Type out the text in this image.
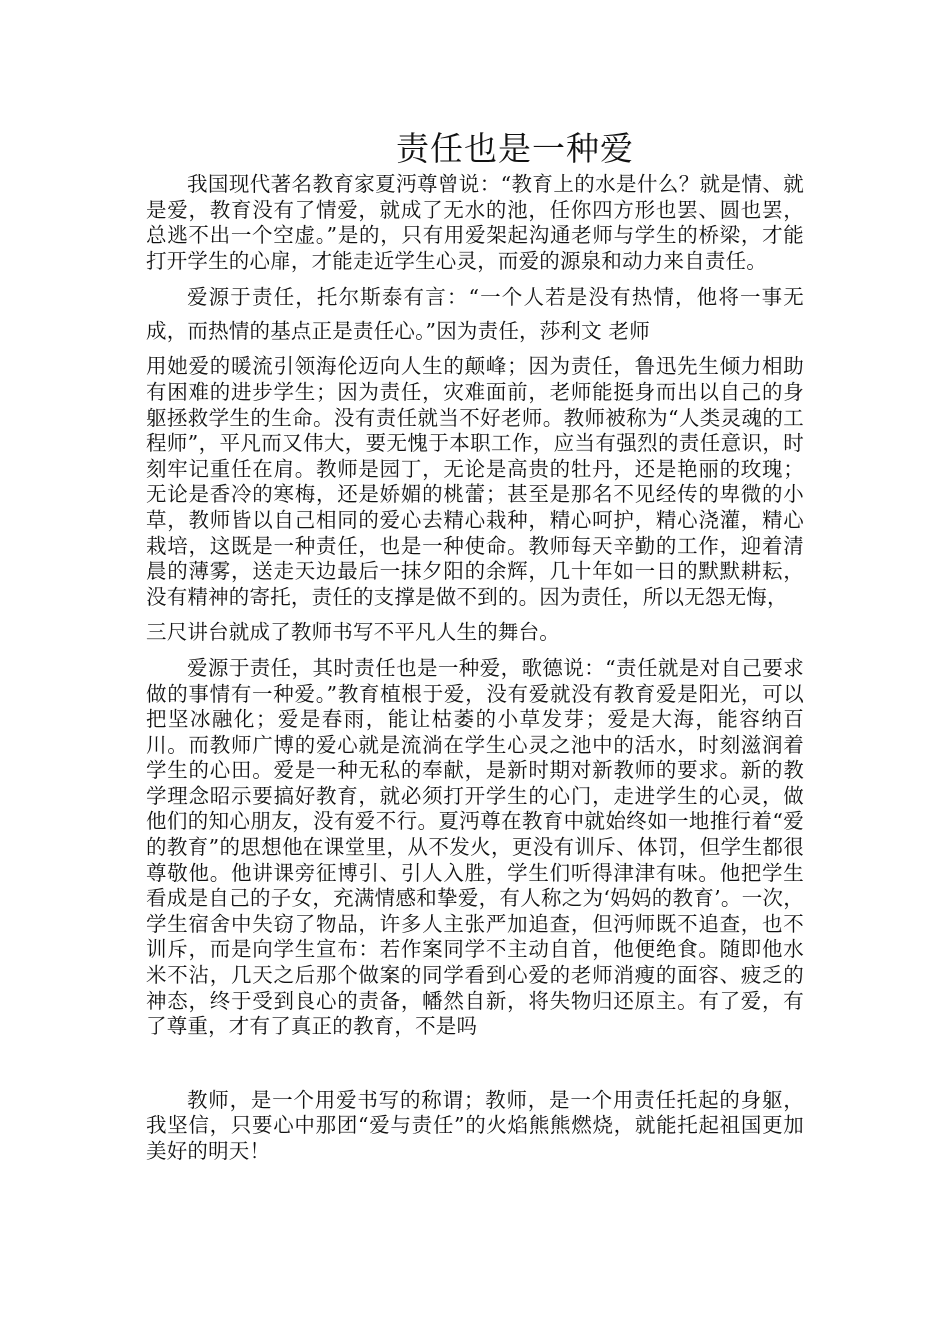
责任也是一种爱

我国现代著名教育家夏沔尊曾说：“教育上的水是什么？就是情、就是爱，教育没有了情爱，就成了无水的池，任你四方形也罢、圆也罢，总逃不出一个空虚。”是的，只有用爱架起沟通老师与学生的桥梁，才能打开学生的心扉，才能走近学生心灵，而爱的源泉和动力来自责任。

爱源于责任，托尔斯泰有言：“一个人若是没有热情，他将一事无成，而热情的基点正是责任心。”因为责任，莎利文 老师

用她爱的暖流引领海伦迈向人生的颠峰；因为责任，鲁迅先生倾力相助有困难的进步学生；因为责任，灾难面前，老师能挺身而出以自己的身躯拯救学生的生命。没有责任就当不好老师。教师被称为“人类灵魂的工程师”，平凡而又伟大，要无愧于本职工作，应当有强烈的责任意识，时刻牢记重任在肩。教师是园丁，无论是高贵的牡丹，还是艳丽的玫瑰；无论是香冷的寒梅，还是娇媚的桃蕾；甚至是那名不见经传的卑微的小草，教师皆以自己相同的爱心去精心栽种，精心呵护，精心浇灌，精心栽培，这既是一种责任，也是一种使命。教师每天辛勤的工作，迎着清晨的薄雾，送走天边最后一抹夕阳的余辉，几十年如一日的默默耕耘，没有精神的寄托，责任的支撑是做不到的。因为责任，所以无怨无悔，

三尺讲台就成了教师书写不平凡人生的舞台。

爱源于责任，其时责任也是一种爱，歌德说：“责任就是对自己要求做的事情有一种爱。”教育植根于爱，没有爱就没有教育爱是阳光，可以把坚冰融化；爱是春雨，能让枯萎的小草发芽；爱是大海，能容纳百川。而教师广博的爱心就是流淌在学生心灵之池中的活水，时刻滋润着学生的心田。爱是一种无私的奉献，是新时期对新教师的要求。新的教学理念昭示要搞好教育，就必须打开学生的心门，走进学生的心灵，做他们的知心朋友，没有爱不行。夏沔尊在教育中就始终如一地推行着“爱的教育”的思想他在课堂里，从不发火，更没有训斥、体罚，但学生都很尊敬他。他讲课旁征博引、引人入胜，学生们听得津津有味。他把学生看成是自己的子女，充满情感和挚爱，有人称之为‘妈妈的教育’。一次，学生宿舍中失窃了物品，许多人主张严加追查，但沔师既不追查，也不训斥，而是向学生宣布：若作案同学不主动自首，他便绝食。随即他水米不沾，几天之后那个做案的同学看到心爱的老师消瘦的面容、疲乏的神态，终于受到良心的责备，幡然自新，将失物归还原主。有了爱，有了尊重，才有了真正的教育，不是吗

教师，是一个用爱书写的称谓；教师，是一个用责任托起的身躯，我坚信，只要心中那团“爱与责任”的火焰熊熊燃烧，就能托起祖国更加美好的明天！
